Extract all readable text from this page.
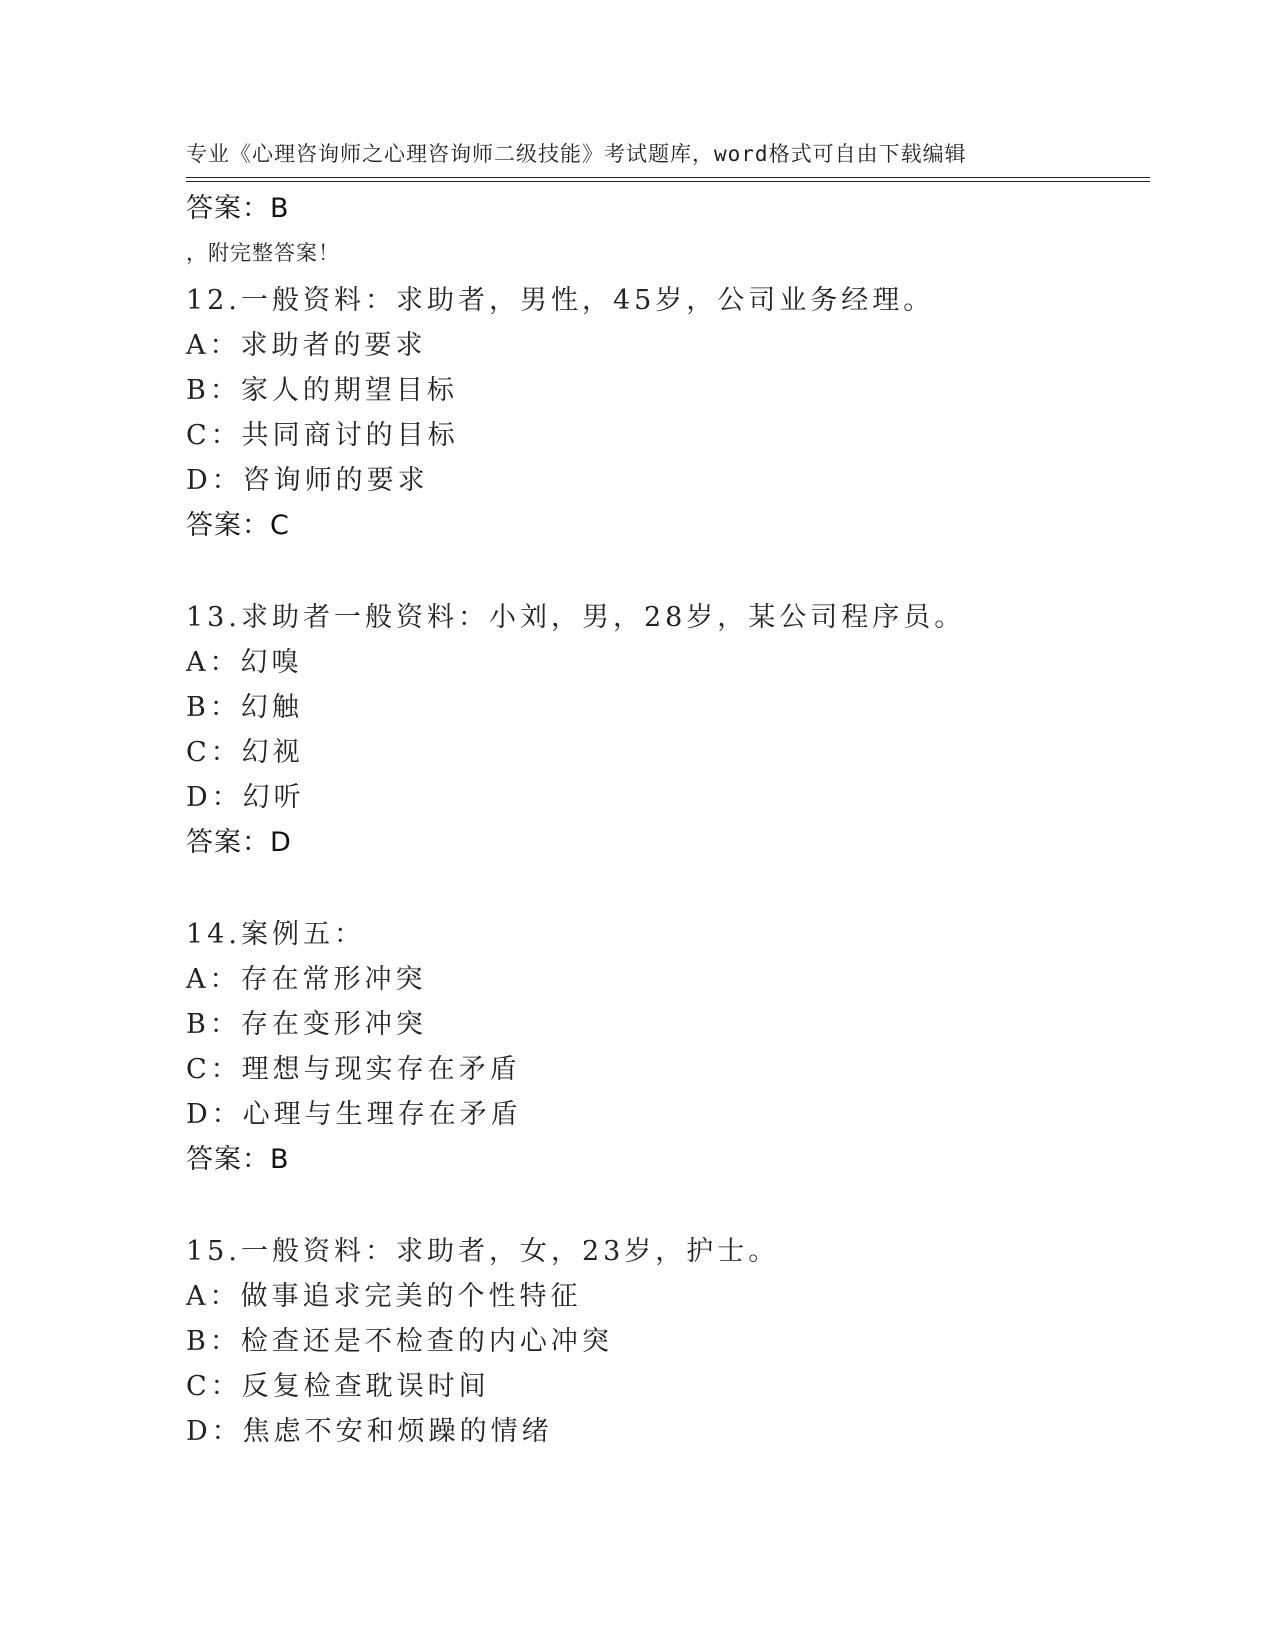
专业《心理咨询师之心理咨询师二级技能》考试题库，word格式可自由下载编辑

，附完整答案！

答案：B
12.一般资料：求助者，男性，45岁，公司业务经理。
A：求助者的要求
B：家人的期望目标
C：共同商讨的目标
D：咨询师的要求
答案：C
13.求助者一般资料：小刘，男，28岁，某公司程序员。
A：幻嗅
B：幻触
C：幻视
D：幻听
答案：D
14.案例五：
A：存在常形冲突
B：存在变形冲突
C：理想与现实存在矛盾
D：心理与生理存在矛盾
答案：B
15.一般资料：求助者，女，23岁，护士。
A：做事追求完美的个性特征
B：检查还是不检查的内心冲突
C：反复检查耽误时间
D：焦虑不安和烦躁的情绪
